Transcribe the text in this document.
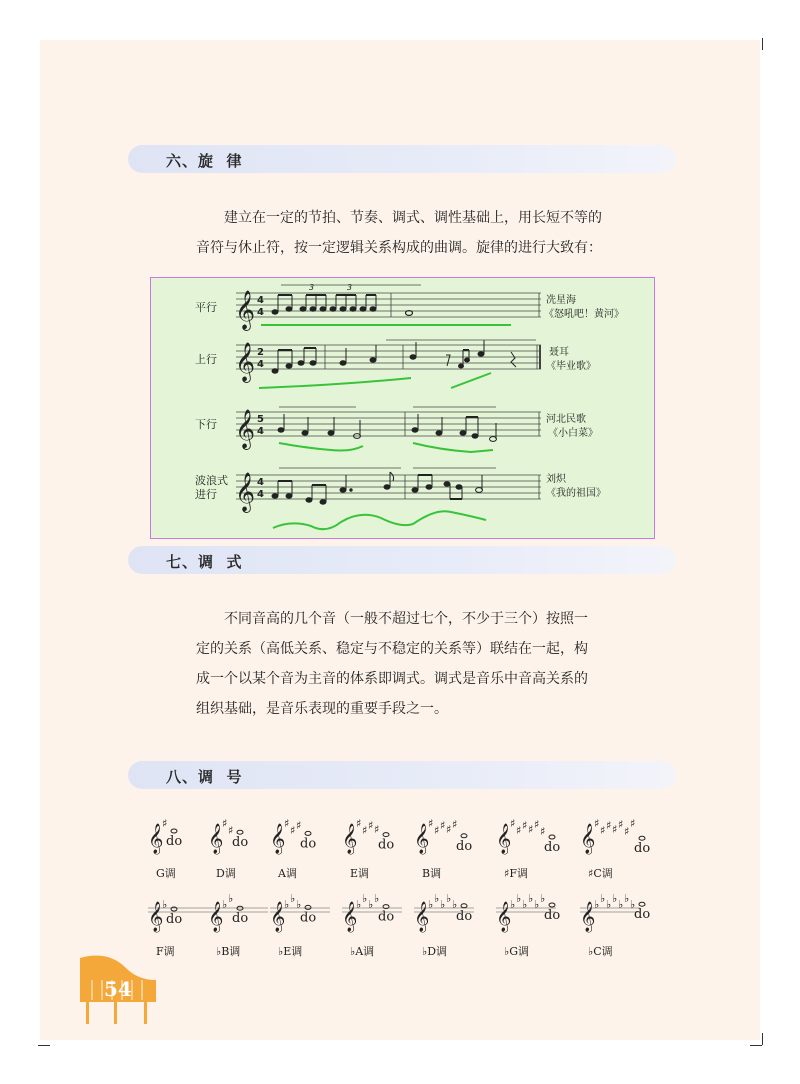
六、旋  律
建立在一定的节拍、节奏、调式、调性基础上，用长短不等的
音符与休止符，按一定逻辑关系构成的曲调。旋律的进行大致有：
平行 𝄞 4
4
3	3
冼星海
《怒吼吧！黄河》
上行 𝄞 2
4
聂耳
《毕业歌》
下行 𝄞 5
4
河北民歌
《小白菜》
波浪式
进行 𝄞 4
4
刘炽
《我的祖国》
七、调  式
不同音高的几个音（一般不超过七个，不少于三个）按照一
定的关系（高低关系、稳定与不稳定的关系等）联结在一起，构
成一个以某个音为主音的体系即调式。调式是音乐中音高关系的
组织基础，是音乐表现的重要手段之一。
八、调  号
𝄞
♯
do
G调
𝄞
♯
♯
do
D调
𝄞
♯
♯ ♯
do
A调
𝄞
♯
♯ ♯ ♯
do
E调
𝄞
♯
♯ ♯ ♯ ♯
do
B调
𝄞
♯
♯ ♯ ♯ ♯
♯
do
♯F调
𝄞
♯
♯ ♯ ♯ ♯
♯
♯
do
♯C调
𝄞
♭
do
F调
𝄞
♭ ♭
do
♭B调
𝄞
♭ ♭ ♭
do
♭E调
𝄞
♭ ♭ ♭ ♭
do
♭A调
𝄞
♭ ♭ ♭ ♭ ♭
do
♭D调
𝄞
♭ ♭ ♭ ♭ ♭ ♭
do
♭G调
𝄞
♭ ♭ ♭ ♭ ♭ ♭ ♭
do
♭C调
54
